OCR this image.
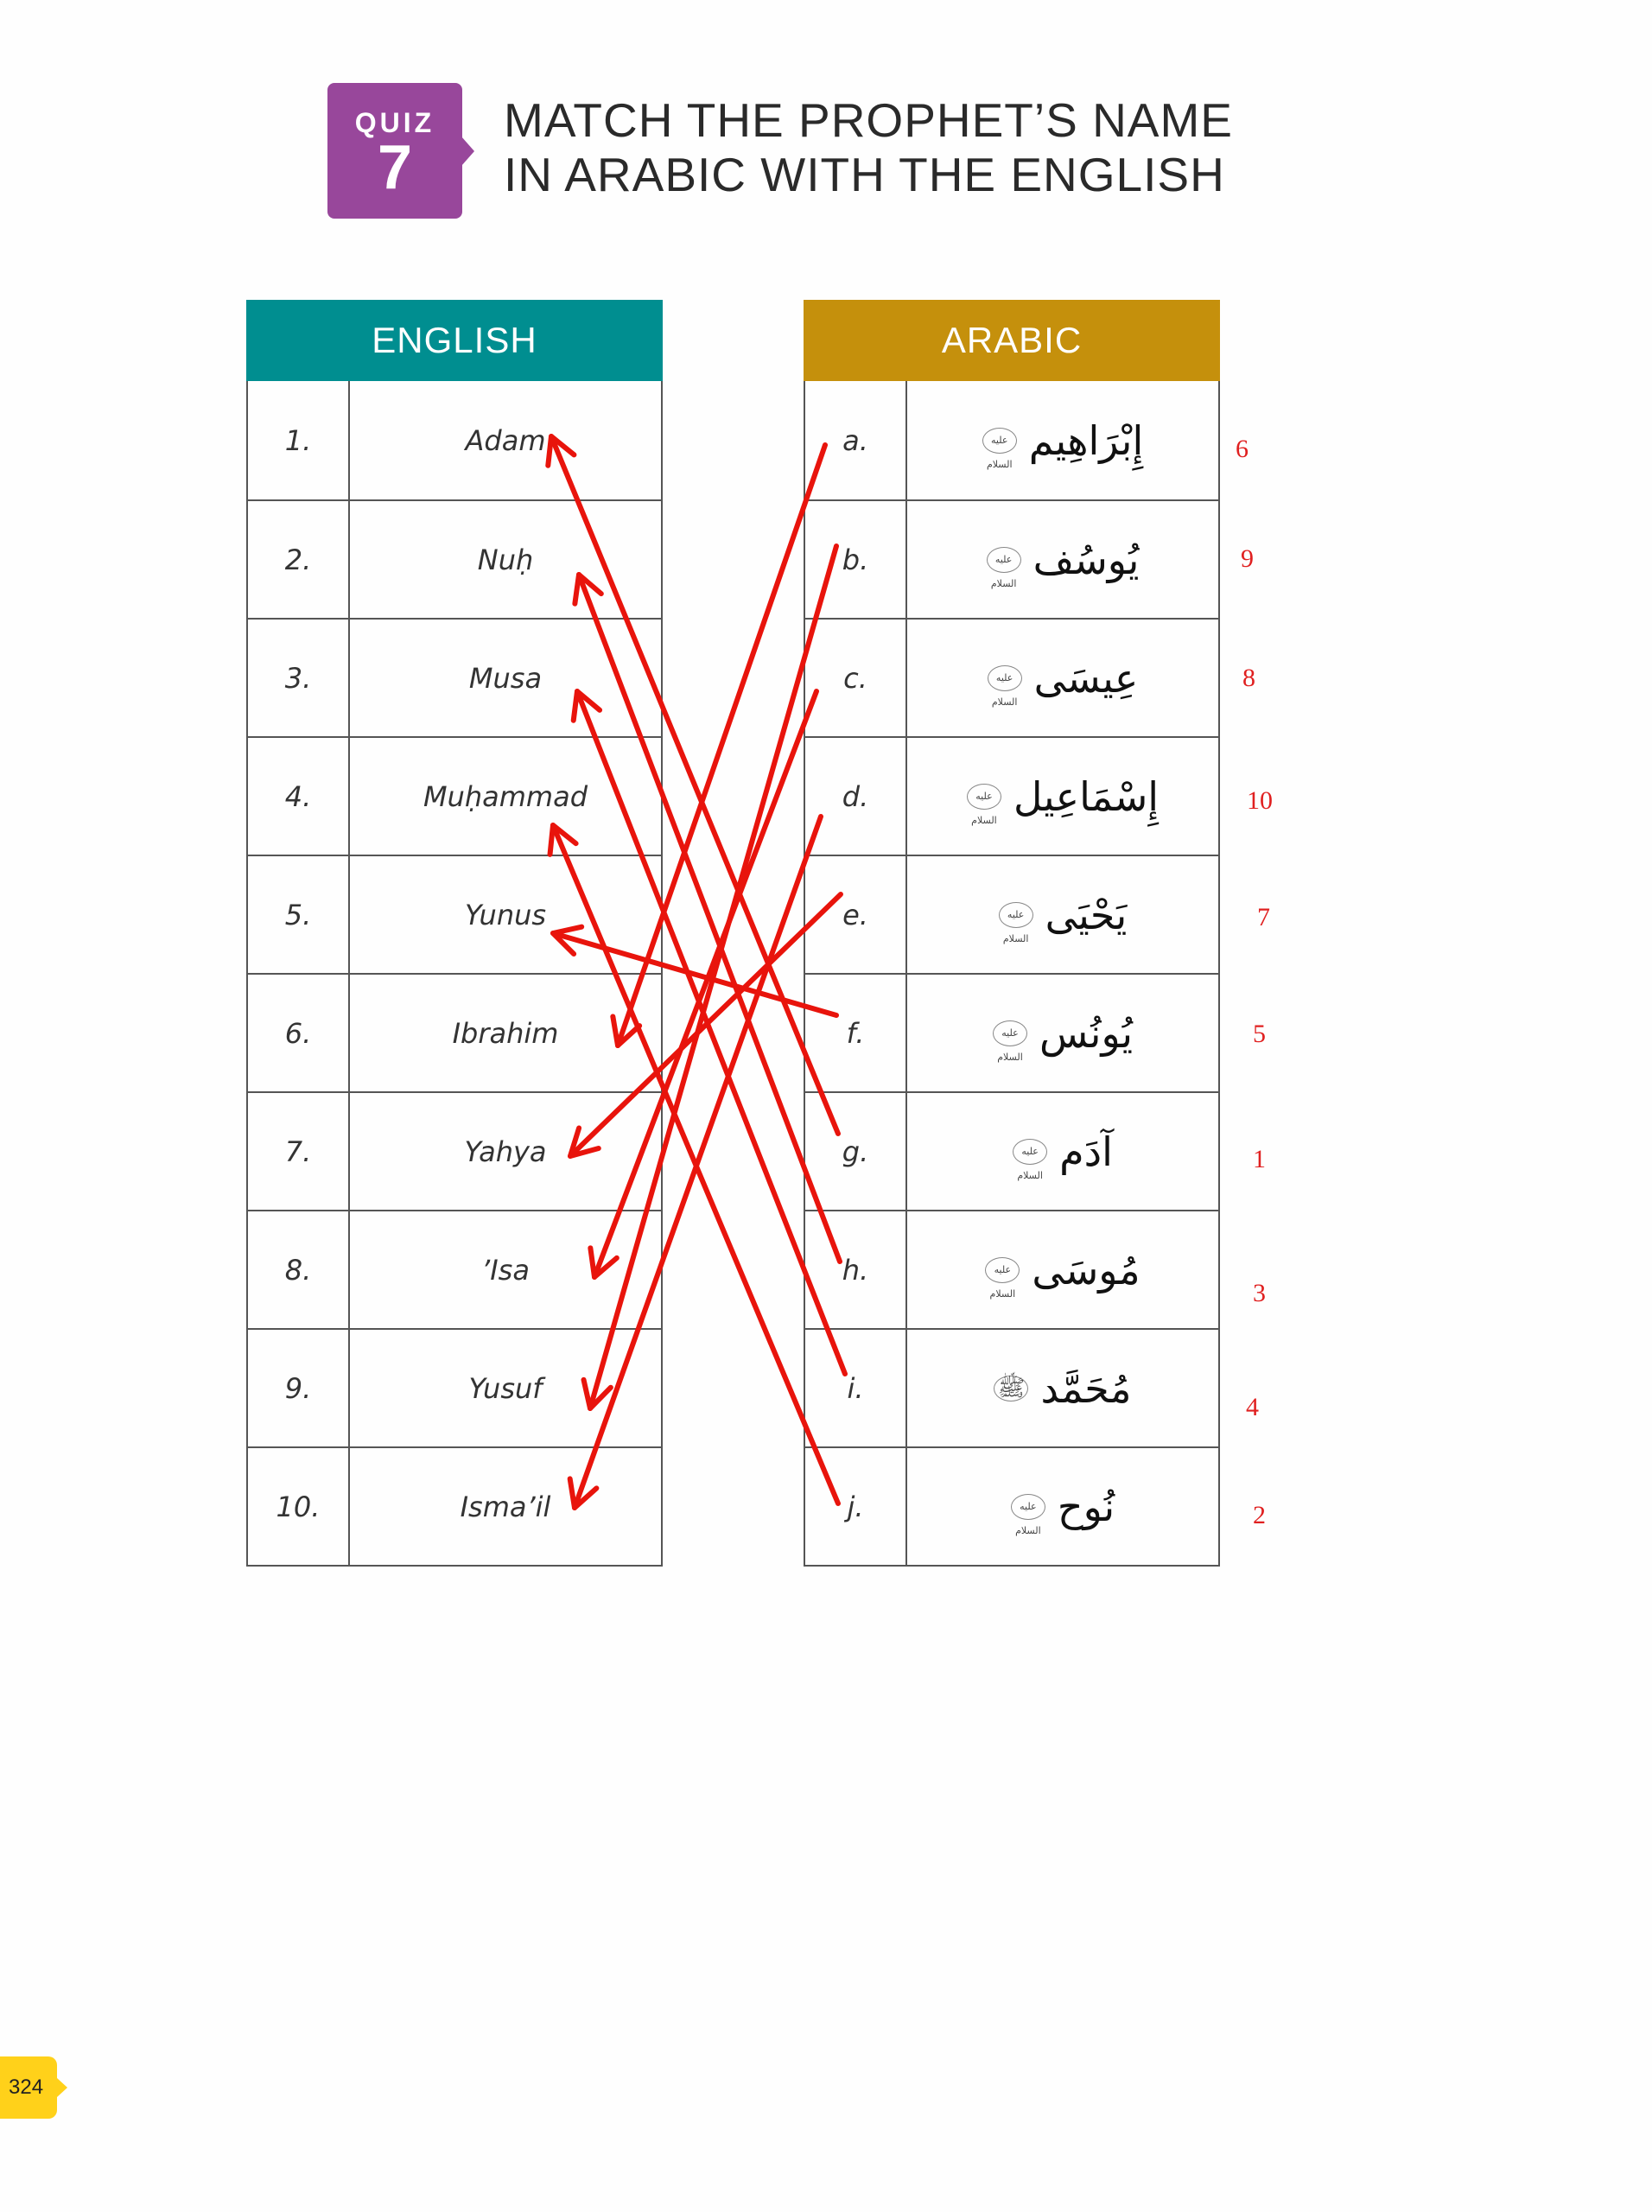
QUIZ
7
MATCH THE PROPHET’S NAME
IN ARABIC WITH THE ENGLISH
ENGLISH
1.	Adam
2.	Nuḥ
3.	Musa
4.	Muḥammad
5.	Yunus
6.	Ibrahim
7.	Yahya
8.	’Isa
9.	Yusuf
10.	Isma’il
ARABIC
a.	إِبْرَاهِيم
عليه السلام
b.	يُوسُف
عليه السلام
c.	عِيسَى
عليه السلام
d.	إِسْمَاعِيل
عليه السلام
e.	يَحْيَى
عليه السلام
f.	يُونُس
عليه السلام
g.	آدَم
عليه السلام
h.	مُوسَى
عليه السلام
i.	مُحَمَّد
ﷺ
j.	نُوح
عليه السلام
6
9
8
10
7
5
1
3
4
2
324
